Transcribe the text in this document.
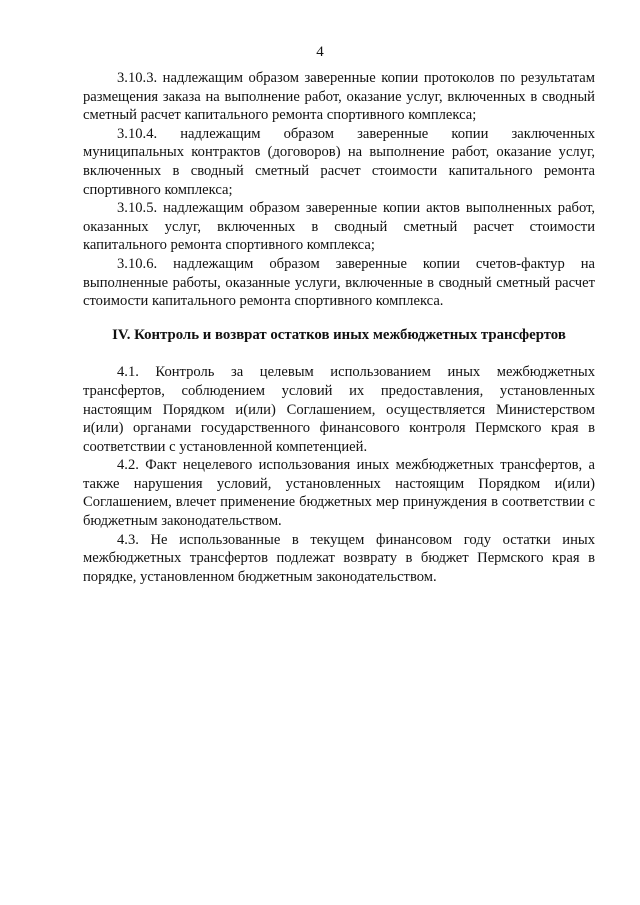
4

3.10.3. надлежащим образом заверенные копии протоколов по результатам размещения заказа на выполнение работ, оказание услуг, включенных в сводный сметный расчет капитального ремонта спортивного комплекса;

3.10.4. надлежащим образом заверенные копии заключенных муниципальных контрактов (договоров) на выполнение работ, оказание услуг, включенных в сводный сметный расчет стоимости капитального ремонта спортивного комплекса;

3.10.5. надлежащим образом заверенные копии актов выполненных работ, оказанных услуг, включенных в сводный сметный расчет стоимости капитального ремонта спортивного комплекса;

3.10.6. надлежащим образом заверенные копии счетов-фактур на выполненные работы, оказанные услуги, включенные в сводный сметный расчет стоимости капитального ремонта спортивного комплекса.

IV. Контроль и возврат остатков иных межбюджетных трансфертов

4.1. Контроль за целевым использованием иных межбюджетных трансфертов, соблюдением условий их предоставления, установленных настоящим Порядком и(или) Соглашением, осуществляется Министерством и(или) органами государственного финансового контроля Пермского края в соответствии с установленной компетенцией.

4.2. Факт нецелевого использования иных межбюджетных трансфертов, а также нарушения условий, установленных настоящим Порядком и(или) Соглашением, влечет применение бюджетных мер принуждения в соответствии с бюджетным законодательством.

4.3. Не использованные в текущем финансовом году остатки иных межбюджетных трансфертов подлежат возврату в бюджет Пермского края в порядке, установленном бюджетным законодательством.
